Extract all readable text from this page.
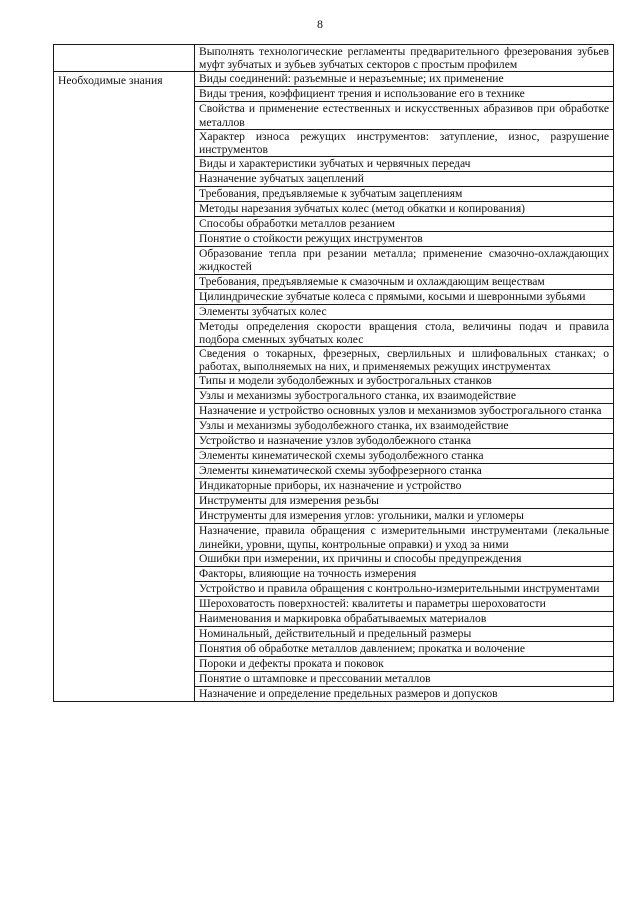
8
	Выполнять технологические регламенты предварительного фрезерования зубьев муфт зубчатых и зубьев зубчатых секторов с простым профилем
Необходимые знания	Виды соединений: разъемные и неразъемные; их применение
	Виды трения, коэффициент трения и использование его в технике
	Свойства и применение естественных и искусственных абразивов при обработке металлов
	Характер износа режущих инструментов: затупление, износ, разрушение инструментов
	Виды и характеристики зубчатых и червячных передач
	Назначение зубчатых зацеплений
	Требования, предъявляемые к зубчатым зацеплениям
	Методы нарезания зубчатых колес (метод обкатки и копирования)
	Способы обработки металлов резанием
	Понятие о стойкости режущих инструментов
	Образование тепла при резании металла; применение смазочно-охлаждающих жидкостей
	Требования, предъявляемые к смазочным и охлаждающим веществам
	Цилиндрические зубчатые колеса с прямыми, косыми и шевронными зубьями
	Элементы зубчатых колес
	Методы определения скорости вращения стола, величины подач и правила подбора сменных зубчатых колес
	Сведения о токарных, фрезерных, сверлильных и шлифовальных станках; о работах, выполняемых на них, и применяемых режущих инструментах
	Типы и модели зубодолбежных и зубострогальных станков
	Узлы и механизмы зубострогального станка, их взаимодействие
	Назначение и устройство основных узлов и механизмов зубострогального станка
	Узлы и механизмы зубодолбежного станка, их взаимодействие
	Устройство и назначение узлов зубодолбежного станка
	Элементы кинематической схемы зубодолбежного станка
	Элементы кинематической схемы зубофрезерного станка
	Индикаторные приборы, их назначение и устройство
	Инструменты для измерения резьбы
	Инструменты для измерения углов: угольники, малки и угломеры
	Назначение, правила обращения с измерительными инструментами (лекальные линейки, уровни, щупы, контрольные оправки) и уход за ними
	Ошибки при измерении, их причины и способы предупреждения
	Факторы, влияющие на точность измерения
	Устройство и правила обращения с контрольно-измерительными инструментами
	Шероховатость поверхностей: квалитеты и параметры шероховатости
	Наименования и маркировка обрабатываемых материалов
	Номинальный, действительный и предельный размеры
	Понятия об обработке металлов давлением; прокатка и волочение
	Пороки и дефекты проката и поковок
	Понятие о штамповке и прессовании металлов
	Назначение и определение предельных размеров и допусков
